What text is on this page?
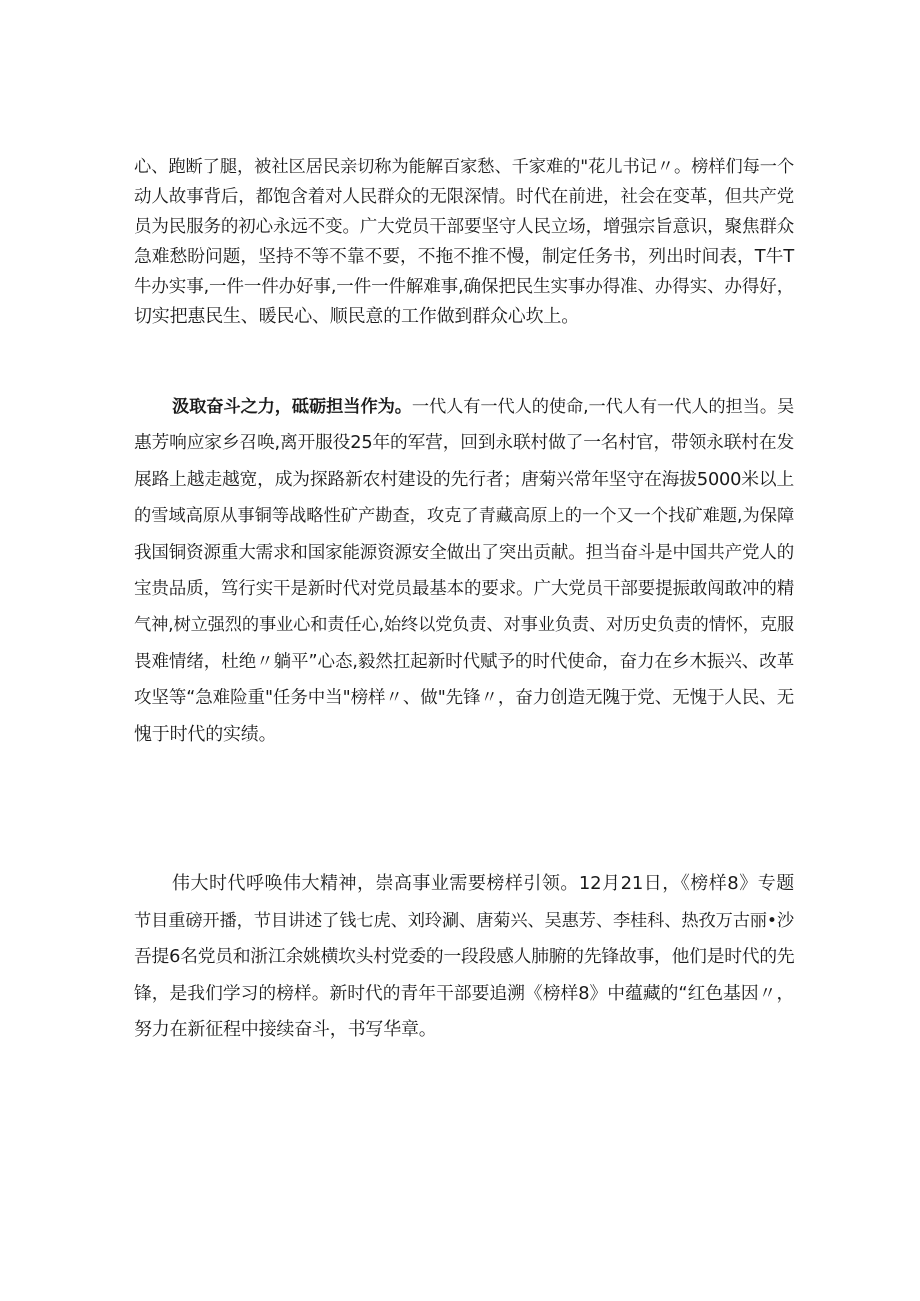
心、跑断了腿，被社区居民亲切称为能解百家愁、千家难的"花儿书记〃。榜样们每一个
动人故事背后，都饱含着对人民群众的无限深情。时代在前进，社会在变革，但共产党
员为民服务的初心永远不变。广大党员干部要坚守人民立场，增强宗旨意识，聚焦群众
急难愁盼问题，坚持不等不靠不要，不拖不推不慢，制定任务书，列出时间表，T牛T
牛办实事,一件一件办好事,一件一件解难事,确保把民生实事办得准、办得实、办得好，
切实把惠民生、暖民心、顺民意的工作做到群众心坎上。
汲取奋斗之力，砥砺担当作为。一代人有一代人的使命,一代人有一代人的担当。吴
惠芳响应家乡召唤,离开服役25年的军营，回到永联村做了一名村官，带领永联村在发
展路上越走越宽，成为探路新农村建设的先行者；唐菊兴常年坚守在海拔5000米以上
的雪域高原从事铜等战略性矿产勘查，攻克了青藏高原上的一个又一个找矿难题,为保障
我国铜资源重大需求和国家能源资源安全做出了突出贡献。担当奋斗是中国共产党人的
宝贵品质，笃行实干是新时代对党员最基本的要求。广大党员干部要提振敢闯敢冲的精
气神,树立强烈的事业心和责任心,始终以党负责、对事业负责、对历史负责的情怀，克服
畏难情绪，杜绝〃躺平”心态,毅然扛起新时代赋予的时代使命，奋力在乡木振兴、改革
攻坚等“急难险重"任务中当"榜样〃、做"先锋〃，奋力创造无隗于党、无愧于人民、无
愧于时代的实绩。
伟大时代呼唤伟大精神，崇高事业需要榜样引领。12月21日，《榜样8》专题
节目重磅开播，节目讲述了钱七虎、刘玲涮、唐菊兴、吴惠芳、李桂科、热孜万古丽•沙
吾提6名党员和浙江余姚横坎头村党委的一段段感人肺腑的先锋故事，他们是时代的先
锋，是我们学习的榜样。新时代的青年干部要追溯《榜样8》中蕴藏的“红色基因〃，
努力在新征程中接续奋斗，书写华章。
